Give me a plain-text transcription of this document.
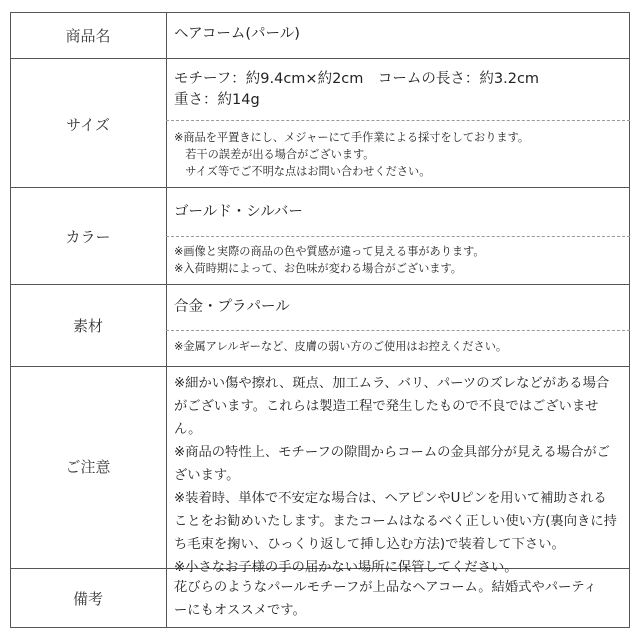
商品名	ヘアコーム(パール)
サイズ
モチーフ：約9.4cm×約2cm　コームの長さ：約3.2cm
重さ：約14g
※商品を平置きにし、メジャーにて手作業による採寸をしております。
　若干の誤差が出る場合がございます。
　サイズ等でご不明な点はお問い合わせください。
カラー
ゴールド・シルバー
※画像と実際の商品の色や質感が違って見える事があります。
※入荷時期によって、お色味が変わる場合がございます。
素材
合金・プラパール
※金属アレルギーなど、皮膚の弱い方のご使用はお控えください。
ご注意
※細かい傷や擦れ、斑点、加工ムラ、バリ、パーツのズレなどがある場合
がございます。これらは製造工程で発生したもので不良ではございませ
ん。
※商品の特性上、モチーフの隙間からコームの金具部分が見える場合がご
ざいます。
※装着時、単体で不安定な場合は、ヘアピンやUピンを用いて補助される
ことをお勧めいたします。またコームはなるべく正しい使い方(裏向きに持
ち毛束を掬い、ひっくり返して挿し込む方法)で装着して下さい。
※小さなお子様の手の届かない場所に保管してください。
備考
花びらのようなパールモチーフが上品なヘアコーム。結婚式やパーティ
ーにもオススメです。
